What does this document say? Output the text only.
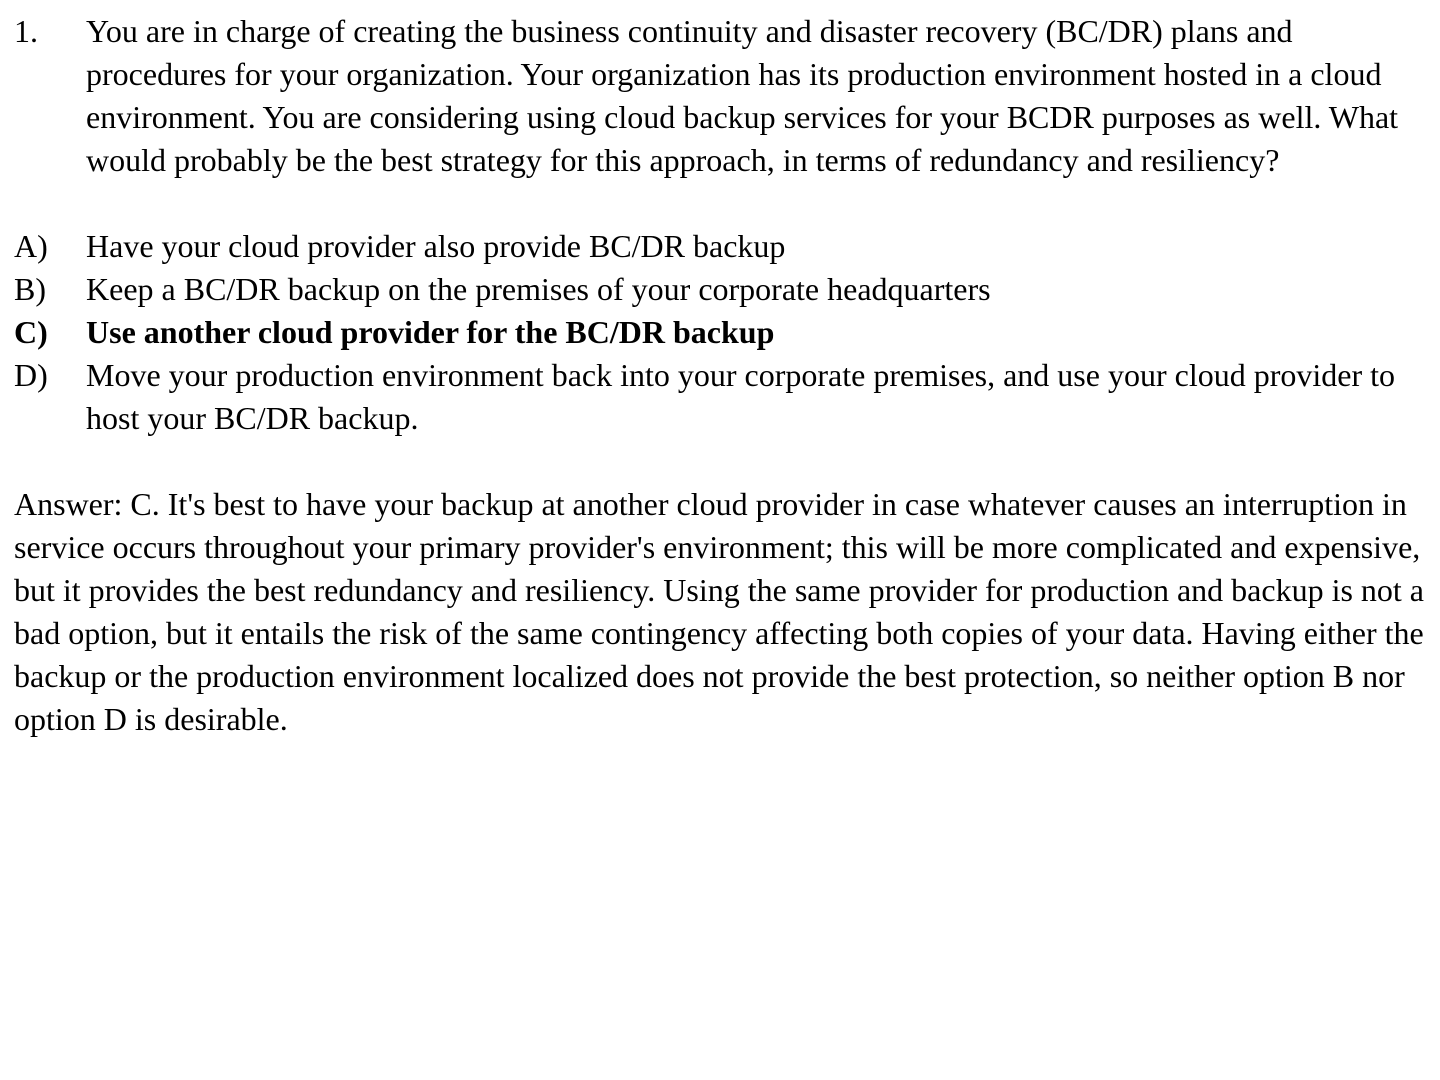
1.	You are in charge of creating the business continuity and disaster recovery (BC/DR) plans and procedures for your organization. Your organization has its production environment hosted in a cloud environment. You are considering using cloud backup services for your BCDR purposes as well. What would probably be the best strategy for this approach, in terms of redundancy and resiliency?
A)	Have your cloud provider also provide BC/DR backup
B)	Keep a BC/DR backup on the premises of your corporate headquarters
C)	Use another cloud provider for the BC/DR backup
D)	Move your production environment back into your corporate premises, and use your cloud provider to host your BC/DR backup.
Answer: C. It's best to have your backup at another cloud provider in case whatever causes an interruption in service occurs throughout your primary provider's environment; this will be more complicated and expensive, but it provides the best redundancy and resiliency. Using the same provider for production and backup is not a bad option, but it entails the risk of the same contingency affecting both copies of your data. Having either the backup or the production environment localized does not provide the best protection, so neither option B nor option D is desirable.
